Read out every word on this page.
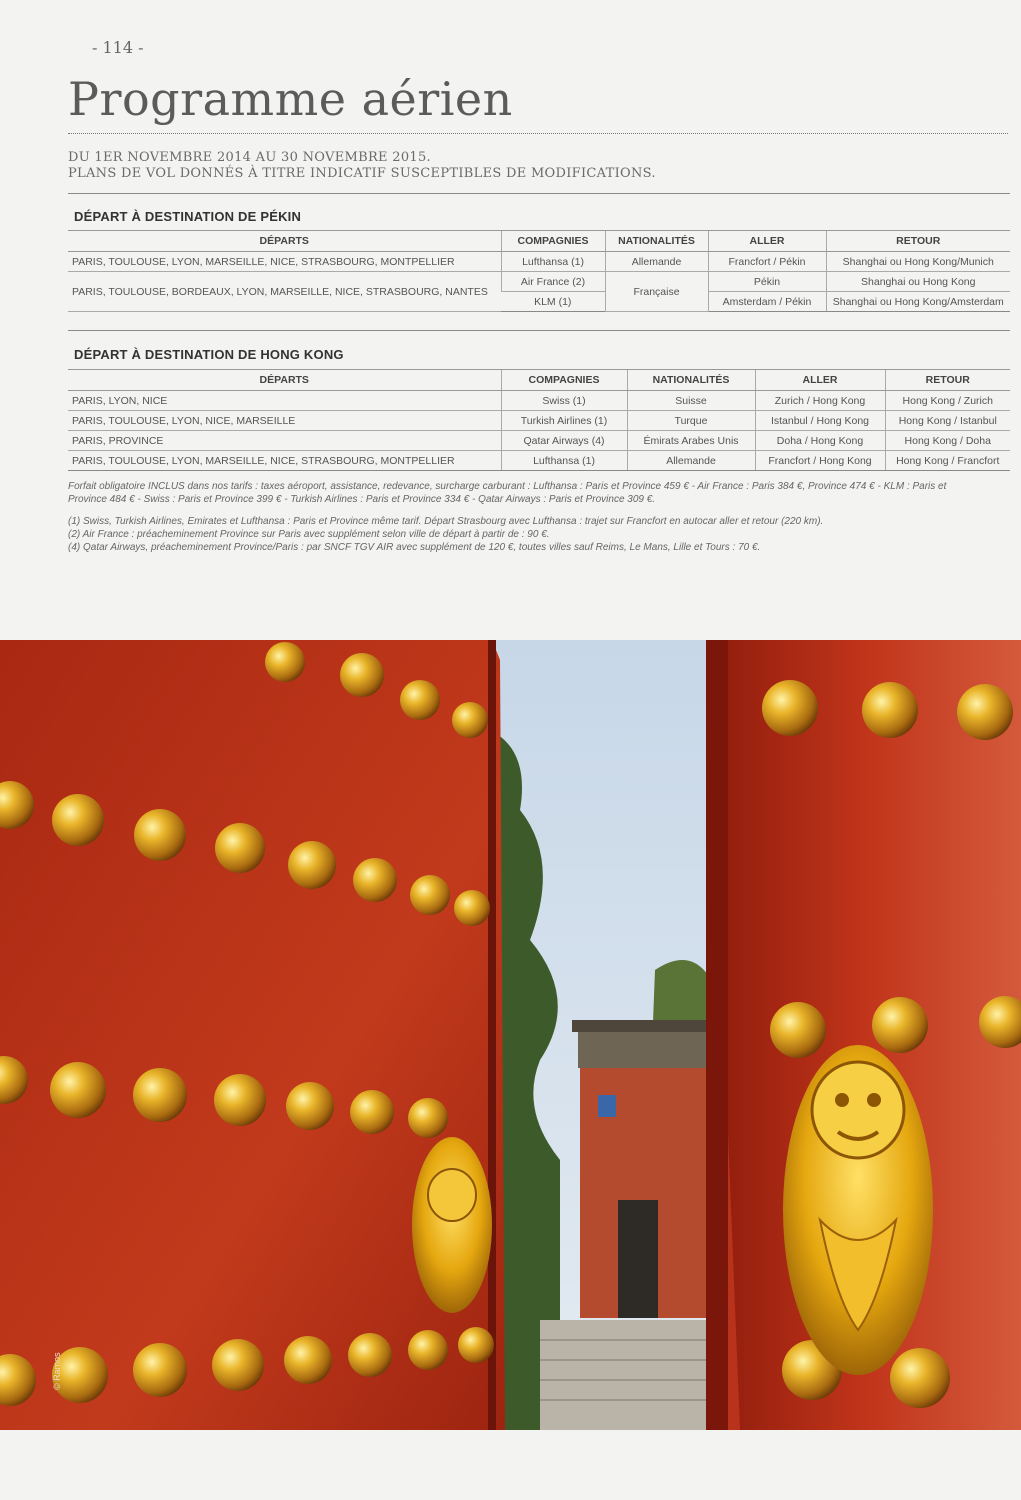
- 114 -
Programme aérien
DU 1ER NOVEMBRE 2014 AU 30 NOVEMBRE 2015.
PLANS DE VOL DONNÉS À TITRE INDICATIF SUSCEPTIBLES DE MODIFICATIONS.
DÉPART À DESTINATION DE PÉKIN
DÉPARTS	COMPAGNIES	NATIONALITÉS	ALLER	RETOUR
PARIS, TOULOUSE, LYON, MARSEILLE, NICE, STRASBOURG, MONTPELLIER	Lufthansa (1)	Allemande	Francfort / Pékin	Shanghai ou Hong Kong/Munich
PARIS, TOULOUSE, BORDEAUX, LYON, MARSEILLE, NICE, STRASBOURG, NANTES	Air France (2)	Française	Pékin	Shanghai ou Hong Kong
	KLM (1)		Amsterdam / Pékin	Shanghai ou Hong Kong/Amsterdam
DÉPART À DESTINATION DE HONG KONG
DÉPARTS	COMPAGNIES	NATIONALITÉS	ALLER	RETOUR
PARIS, LYON, NICE	Swiss (1)	Suisse	Zurich / Hong Kong	Hong Kong / Zurich
PARIS, TOULOUSE, LYON, NICE, MARSEILLE	Turkish Airlines (1)	Turque	Istanbul / Hong Kong	Hong Kong / Istanbul
PARIS, PROVINCE	Qatar Airways (4)	Émirats Arabes Unis	Doha / Hong Kong	Hong Kong / Doha
PARIS, TOULOUSE, LYON, MARSEILLE, NICE, STRASBOURG, MONTPELLIER	Lufthansa (1)	Allemande	Francfort / Hong Kong	Hong Kong / Francfort

Forfait obligatoire INCLUS dans nos tarifs : taxes aéroport, assistance, redevance, surcharge carburant : Lufthansa : Paris et Province 459 € - Air France : Paris 384 €, Province 474 € - KLM : Paris et Province 484 € - Swiss : Paris et Province 399 € - Turkish Airlines : Paris et Province 334 € - Qatar Airways : Paris et Province 309 €.

(1) Swiss, Turkish Airlines, Emirates et Lufthansa : Paris et Province même tarif. Départ Strasbourg avec Lufthansa : trajet sur Francfort en autocar aller et retour (220 km).

(2) Air France : préacheminement Province sur Paris avec supplément selon ville de départ à partir de : 90 €.

(4) Qatar Airways, préacheminement Province/Paris : par SNCF TGV AIR avec supplément de 120 €, toutes villes sauf Reims, Le Mans, Lille et Tours : 70 €.

© Ramos
